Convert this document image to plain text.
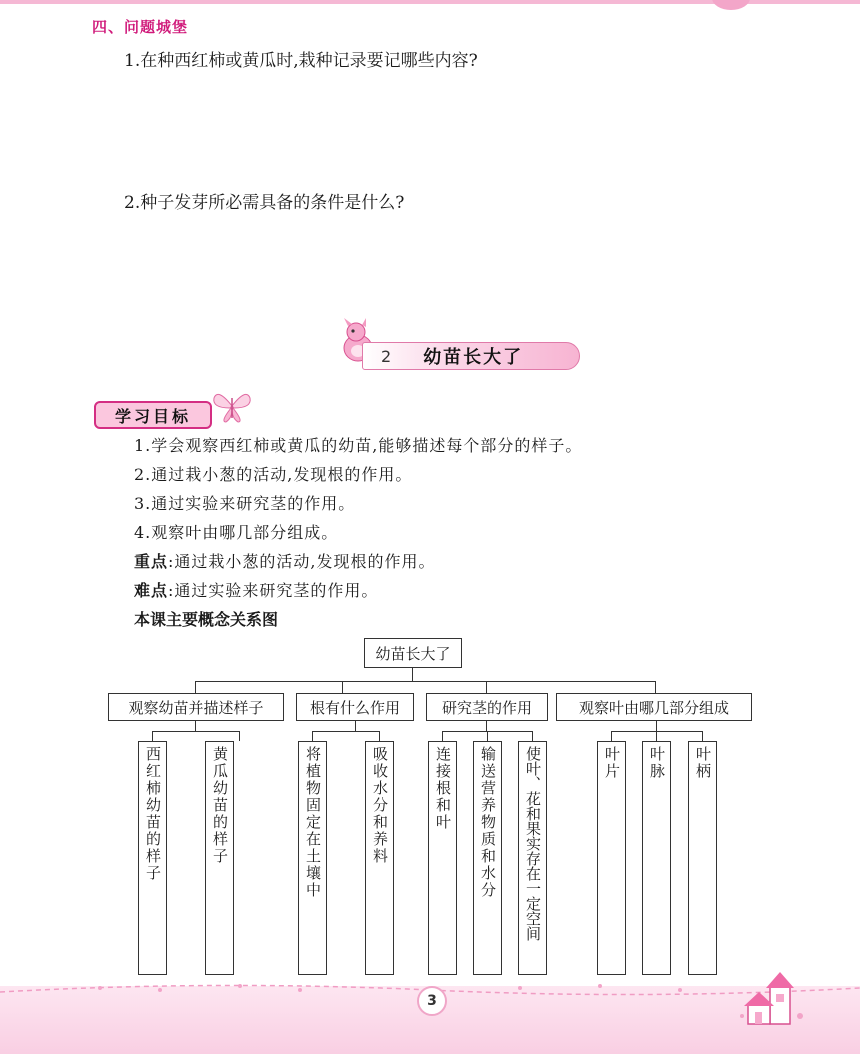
四、问题城堡
1.在种西红柿或黄瓜时,栽种记录要记哪些内容?
2.种子发芽所必需具备的条件是什么?
2 幼苗长大了
学习目标
1.学会观察西红柿或黄瓜的幼苗,能够描述每个部分的样子。
2.通过栽小葱的活动,发现根的作用。
3.通过实验来研究茎的作用。
4.观察叶由哪几部分组成。
重点:通过栽小葱的活动,发现根的作用。
难点:通过实验来研究茎的作用。
本课主要概念关系图
幼苗长大了
观察幼苗并描述样子	根有什么作用	研究茎的作用	观察叶由哪几部分组成
西红柿幼苗的样子	黄瓜幼苗的样子	将植物固定在土壤中	吸收水分和养料	连接根和叶 输送营养物质和水分 使叶、花和果实存在一定空间	叶片 叶脉 叶柄
3
